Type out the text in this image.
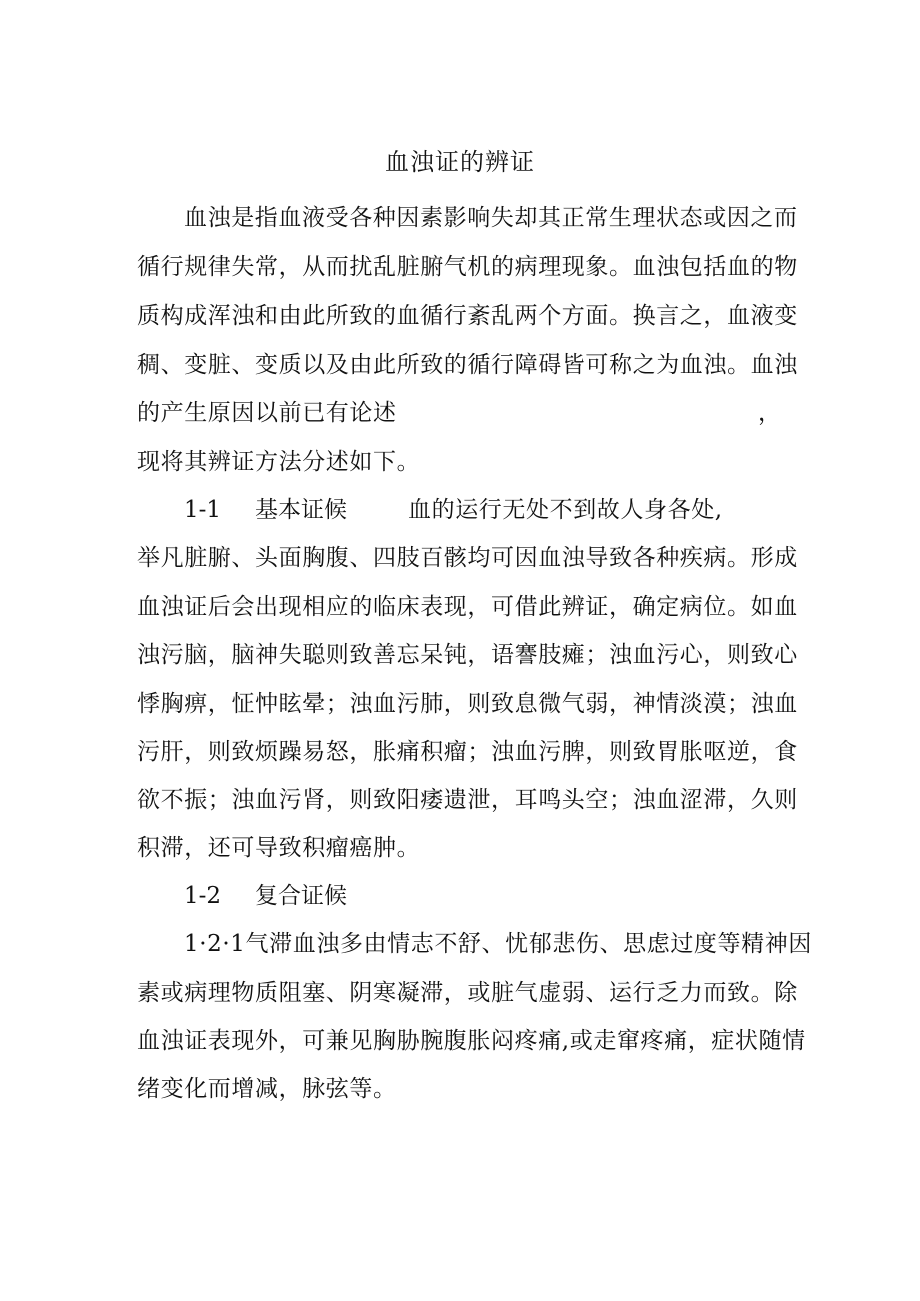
血浊证的辨证

血浊是指血液受各种因素影响失却其正常生理状态或因之而

循行规律失常，从而扰乱脏腑气机的病理现象。血浊包括血的物

质构成浑浊和由此所致的血循行紊乱两个方面。换言之，血液变

稠、变脏、变质以及由此所致的循行障碍皆可称之为血浊。血浊

的产生原因以前已有论述	，

现将其辨证方法分述如下。

1-1 基本证候	血的运行无处不到故人身各处,

举凡脏腑、头面胸腹、四肢百骸均可因血浊导致各种疾病。形成

血浊证后会出现相应的临床表现，可借此辨证，确定病位。如血

浊污脑，脑神失聪则致善忘呆钝，语謇肢瘫；浊血污心，则致心

悸胸痹，怔忡眩晕；浊血污肺，则致息微气弱，神情淡漠；浊血

污肝，则致烦躁易怒，胀痛积瘤；浊血污脾，则致胃胀呕逆，食

欲不振；浊血污肾，则致阳痿遗泄，耳鸣头空；浊血涩滞，久则

积滞，还可导致积瘤癌肿。

1-2 复合证候

1·2·1气滞血浊多由情志不舒、忧郁悲伤、思虑过度等精神因

素或病理物质阻塞、阴寒凝滞，或脏气虚弱、运行乏力而致。除

血浊证表现外，可兼见胸胁腕腹胀闷疼痛,或走窜疼痛，症状随情

绪变化而增减，脉弦等。
